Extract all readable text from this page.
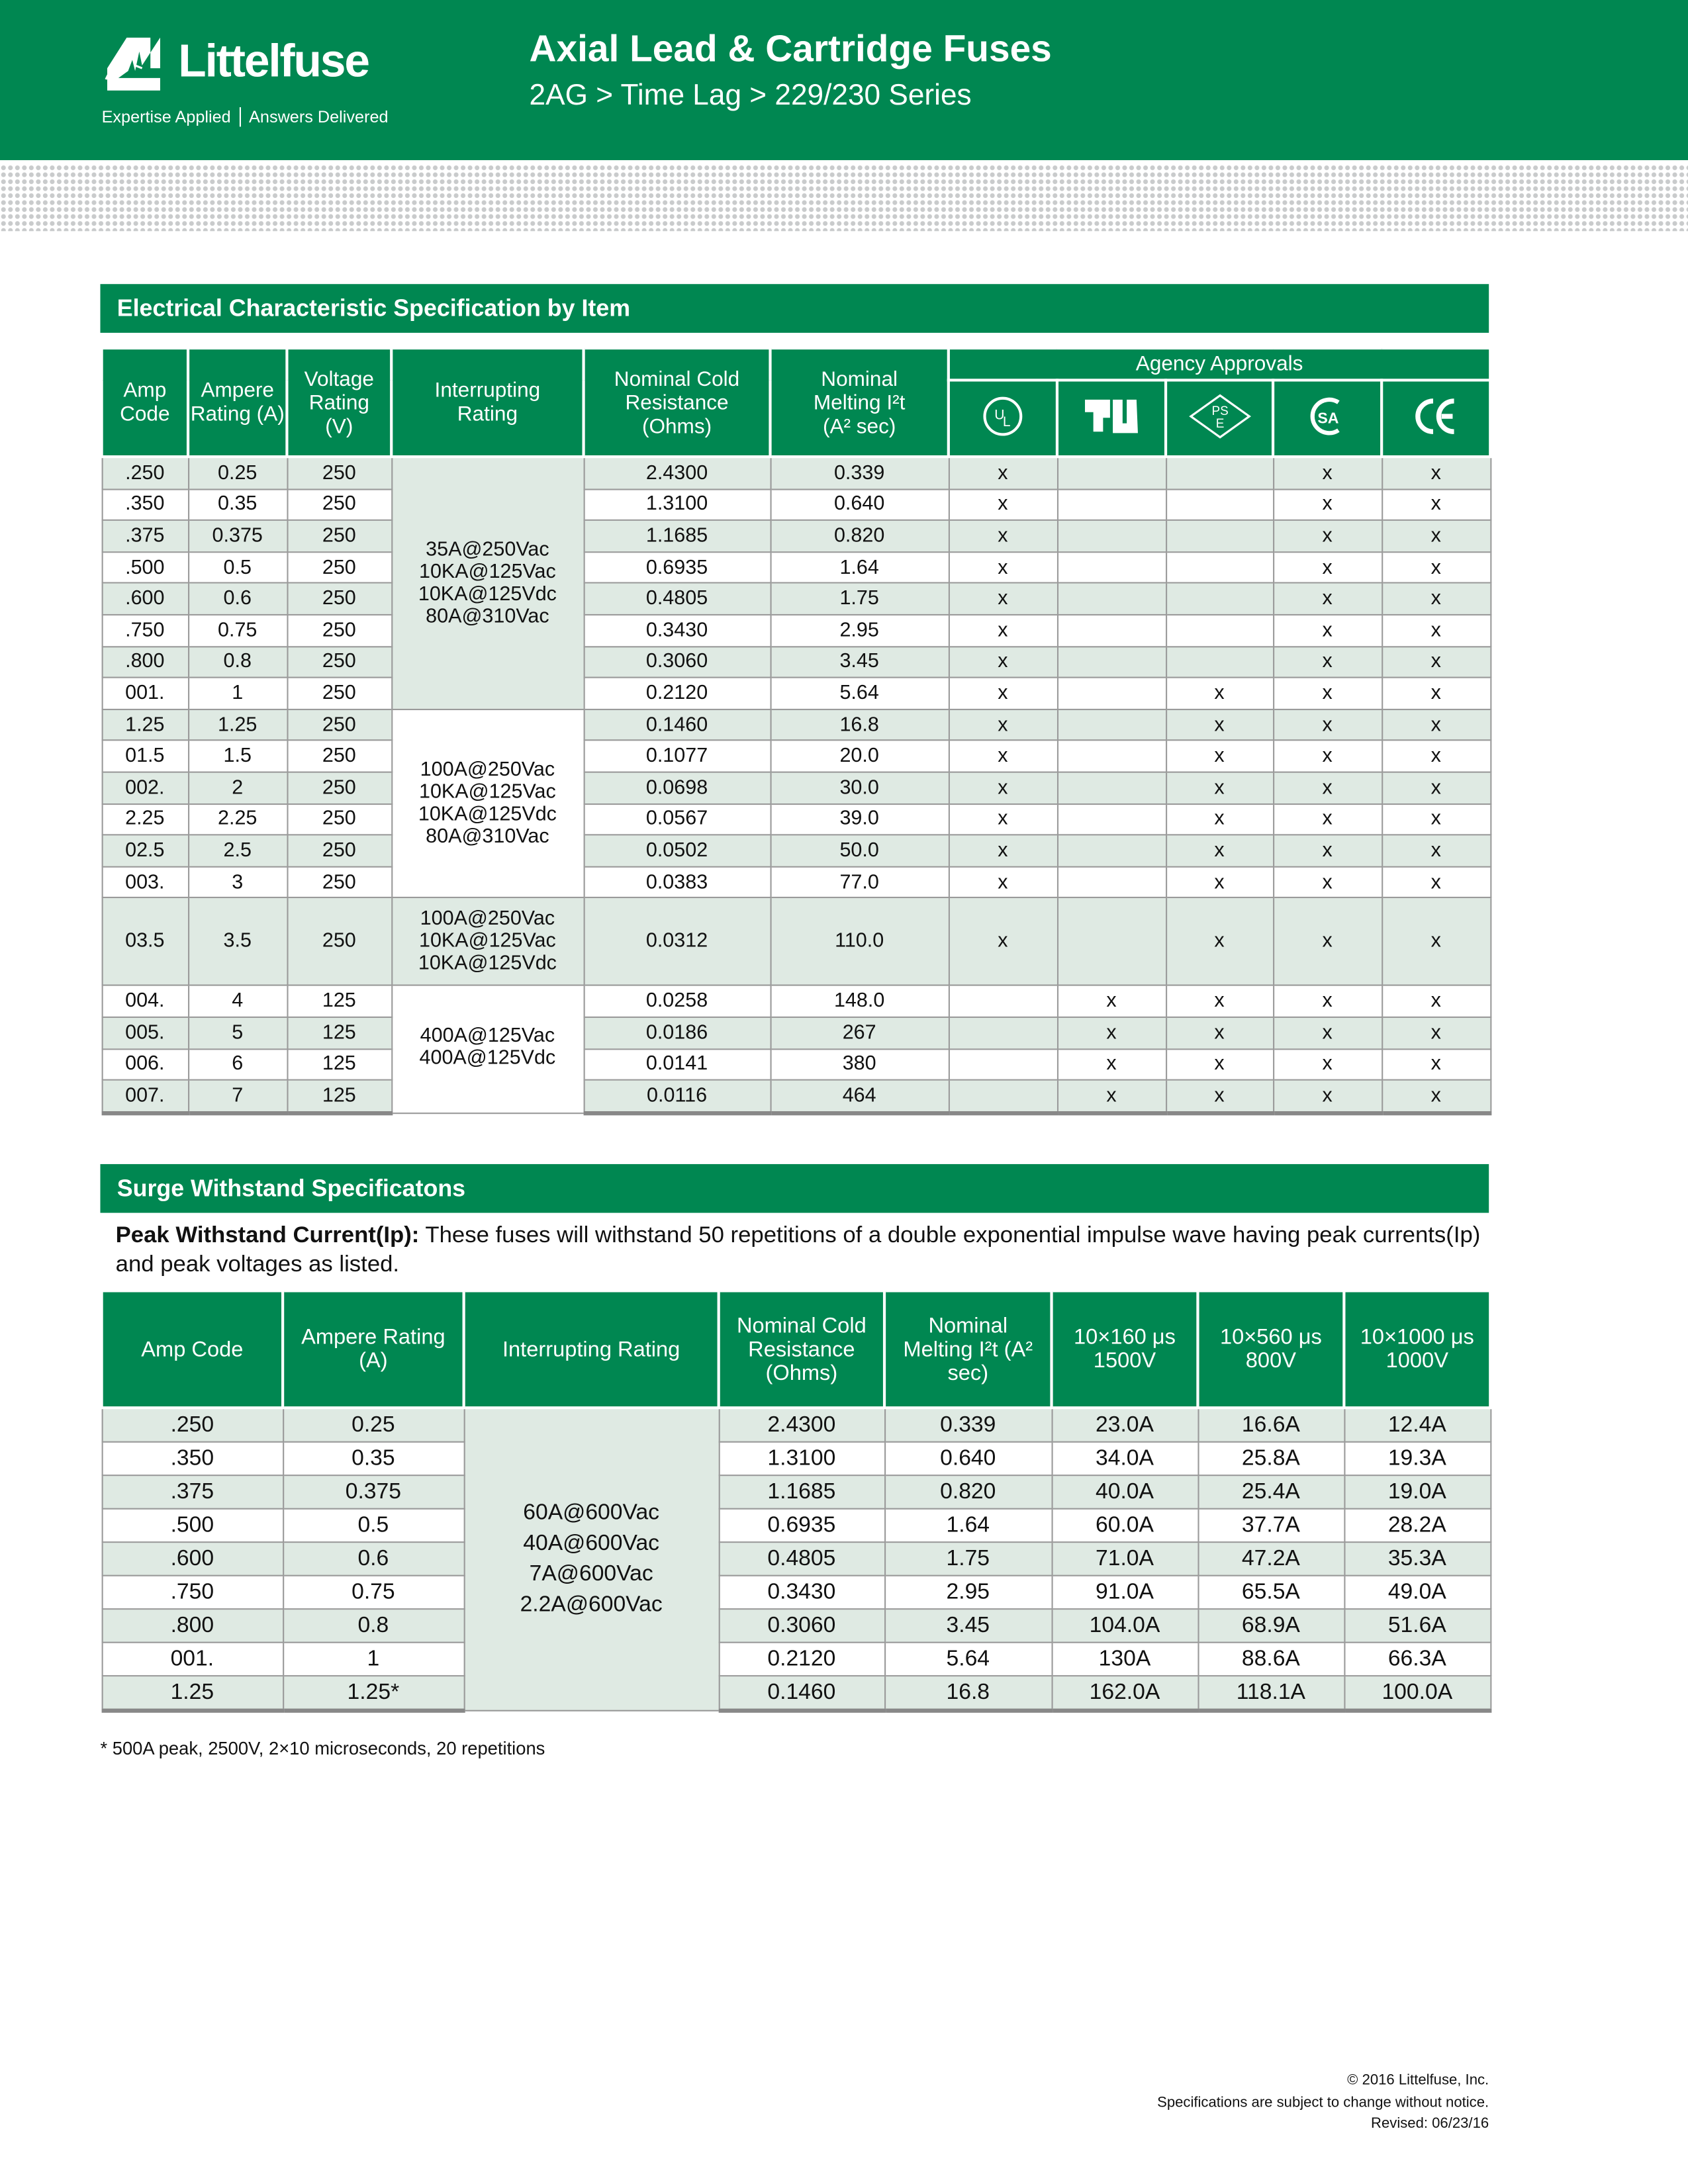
Littelfuse
Expertise Applied Answers Delivered
Axial Lead & Cartridge Fuses
2AG > Time Lag > 229/230 Series
Electrical Characteristic Specification by Item
Amp Code	Ampere Rating (A)	Voltage Rating (V)	Interrupting Rating	Nominal Cold Resistance (Ohms)	Nominal Melting I²t (A² sec)	Agency Approvals				

U
L		PS
E	SA

.250	0.25	250	35A@250Vac
10KA@125Vac
10KA@125Vdc
80A@310Vac	2.4300	0.339	x			x	x
.350	0.35	250		1.3100	0.640	x			x	x
.375	0.375	250		1.1685	0.820	x			x	x
.500	0.5	250		0.6935	1.64	x			x	x
.600	0.6	250		0.4805	1.75	x			x	x
.750	0.75	250		0.3430	2.95	x			x	x
.800	0.8	250		0.3060	3.45	x			x	x
001.	1	250		0.2120	5.64	x		x	x	x
1.25	1.25	250	100A@250Vac
10KA@125Vac
10KA@125Vdc
80A@310Vac	0.1460	16.8	x		x	x	x
01.5	1.5	250		0.1077	20.0	x		x	x	x
002.	2	250		0.0698	30.0	x		x	x	x
2.25	2.25	250		0.0567	39.0	x		x	x	x
02.5	2.5	250		0.0502	50.0	x		x	x	x
003.	3	250		0.0383	77.0	x		x	x	x
03.5	3.5	250	100A@250Vac
10KA@125Vac
10KA@125Vdc	0.0312	110.0	x		x	x	x
004.	4	125	400A@125Vac
400A@125Vdc	0.0258	148.0		x	x	x	x
005.	5	125		0.0186	267		x	x	x	x
006.	6	125		0.0141	380		x	x	x	x
007.	7	125		0.0116	464		x	x	x	x
Surge Withstand Specificatons
Peak Withstand Current(Ip): These fuses will withstand 50 repetitions of a double exponential impulse wave having peak currents(Ip) and peak voltages as listed.
Amp Code	Ampere Rating (A)	Interrupting Rating	Nominal Cold Resistance (Ohms)	Nominal Melting I²t (A² sec)	10×160 μs 1500V	10×560 μs 800V	10×1000 μs 1000V
.250	0.25	60A@600Vac
40A@600Vac
7A@600Vac
2.2A@600Vac	2.4300	0.339	23.0A	16.6A	12.4A
.350	0.35		1.3100	0.640	34.0A	25.8A	19.3A
.375	0.375		1.1685	0.820	40.0A	25.4A	19.0A
.500	0.5		0.6935	1.64	60.0A	37.7A	28.2A
.600	0.6		0.4805	1.75	71.0A	47.2A	35.3A
.750	0.75		0.3430	2.95	91.0A	65.5A	49.0A
.800	0.8		0.3060	3.45	104.0A	68.9A	51.6A
001.	1		0.2120	5.64	130A	88.6A	66.3A
1.25	1.25*		0.1460	16.8	162.0A	118.1A	100.0A
* 500A peak, 2500V, 2×10 microseconds, 20 repetitions
© 2016 Littelfuse, Inc.
Specifications are subject to change without notice.
Revised: 06/23/16
